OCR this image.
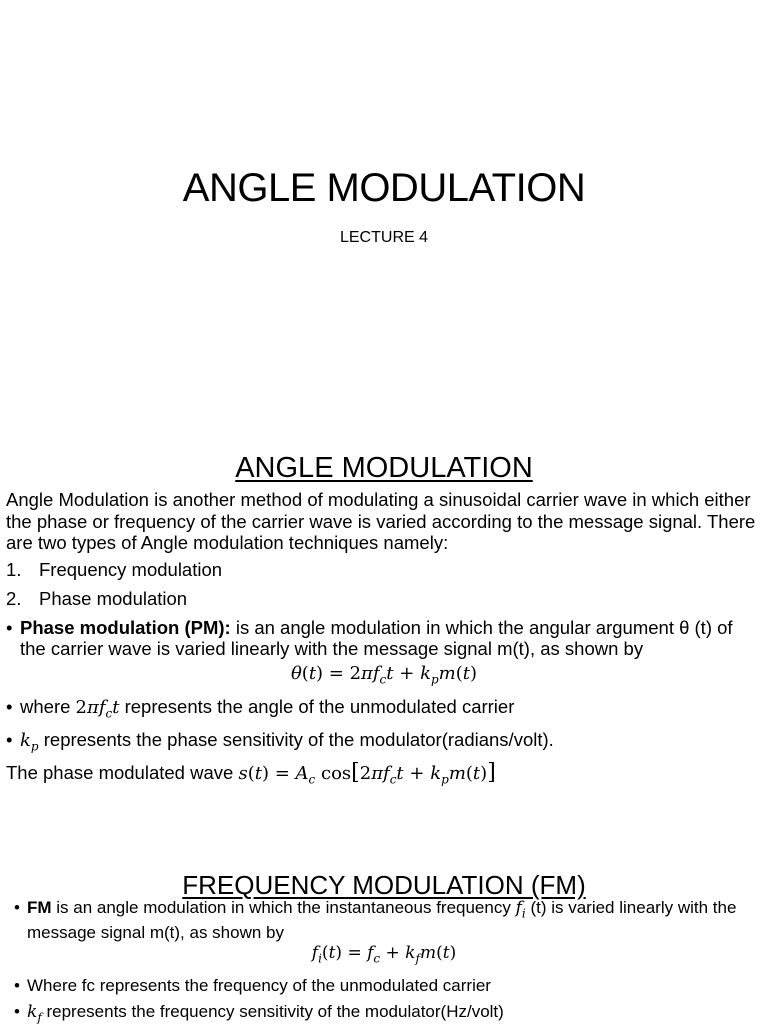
ANGLE MODULATION
LECTURE 4
ANGLE MODULATION

Angle Modulation is another method of modulating a sinusoidal carrier wave in which either the phase or frequency of the carrier wave is varied according to the message signal. There are two types of Angle modulation techniques namely:

1. Frequency modulation
2. Phase modulation
• Phase modulation (PM): is an angle modulation in which the angular argument θ (t) of the carrier wave is varied linearly with the message signal m(t), as shown by
$\theta(t) = 2\pi f_ct + k_pm(t)$
• where $2\pi f_ct$ represents the angle of the unmodulated carrier
• $k_p$ represents the phase sensitivity of the modulator(radians/volt).
The phase modulated wave $s(t) = A_c$ $\cos[2\pi f_ct + k_pm(t)]$
FREQUENCY MODULATION (FM)
• FM is an angle modulation in which the instantaneous frequency $f_i$ (t) is varied linearly with the message signal m(t), as shown by
$f_i(t) = f_c + k_fm(t)$
• Where fc represents the frequency of the unmodulated carrier
• $k_f$ represents the frequency sensitivity of the modulator(Hz/volt)
